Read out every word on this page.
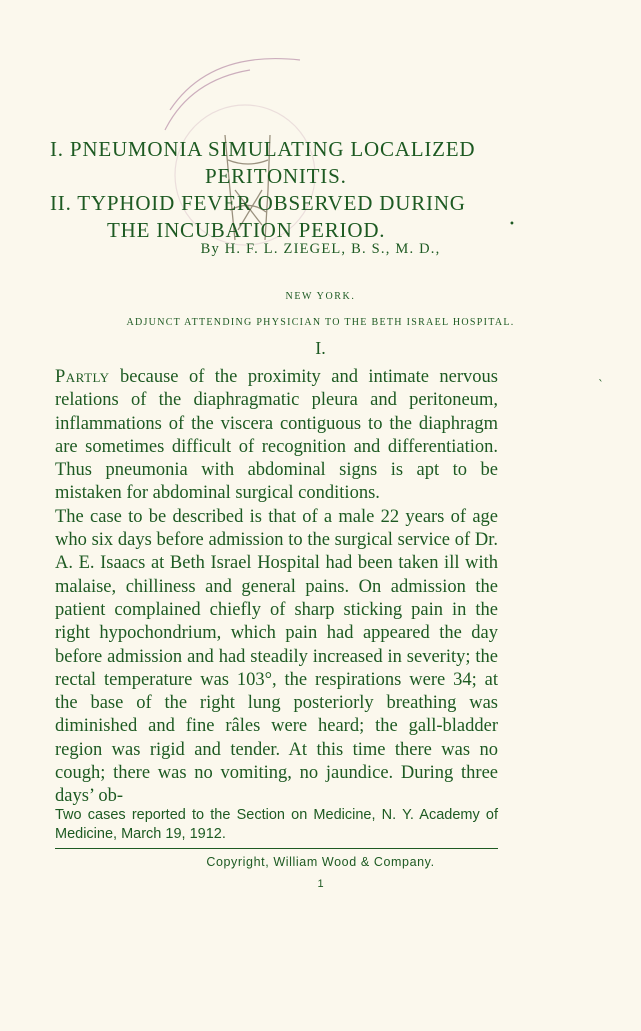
I. PNEUMONIA SIMULATING LOCALIZED
PERITONITIS.
II. TYPHOID FEVER OBSERVED DURING
THE INCUBATION PERIOD.	•
By H. F. L. ZIEGEL, B. S., M. D.,
NEW YORK.
ADJUNCT ATTENDING PHYSICIAN TO THE BETH ISRAEL HOSPITAL.
I.
ˋ

Partly because of the proximity and intimate nervous relations of the diaphragmatic pleura and peritoneum, inflammations of the viscera contiguous to the diaphragm are sometimes difficult of recognition and differentiation. Thus pneumonia with abdominal signs is apt to be mistaken for abdominal surgical conditions.

The case to be described is that of a male 22 years of age who six days before admission to the surgical service of Dr. A. E. Isaacs at Beth Israel Hospital had been taken ill with malaise, chilliness and general pains. On admission the patient complained chiefly of sharp sticking pain in the right hypochondrium, which pain had appeared the day before admission and had steadily increased in severity; the rectal temperature was 103°, the respirations were 34; at the base of the right lung posteriorly breathing was diminished and fine râles were heard; the gall-bladder region was rigid and tender. At this time there was no cough; there was no vomiting, no jaundice. During three days’ ob-

Two cases reported to the Section on Medicine, N. Y. Academy of Medicine, March 19, 1912.
Copyright, William Wood & Company.
1
